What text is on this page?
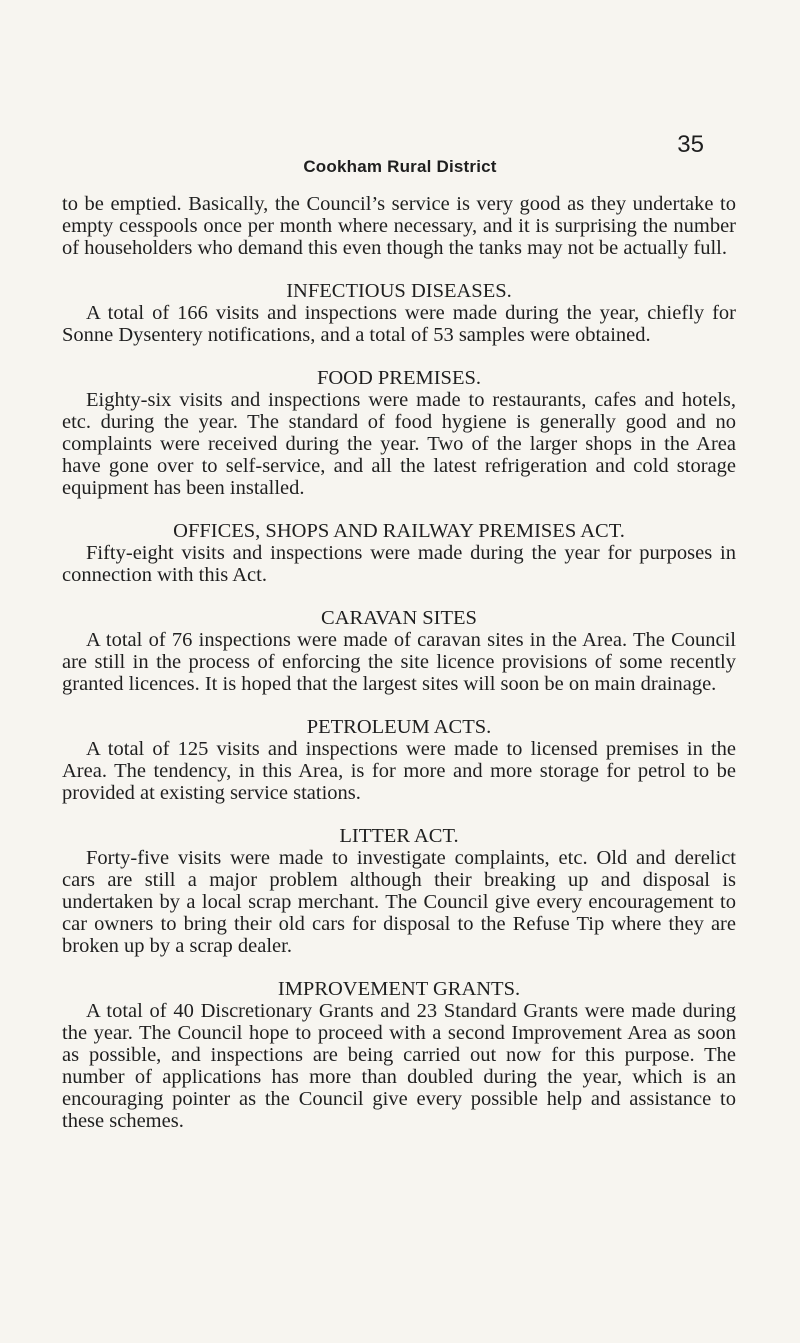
35
Cookham Rural District

to be emptied. Basically, the Council’s service is very good as they undertake to empty cesspools once per month where necessary, and it is surprising the number of householders who demand this even though the tanks may not be actually full.

INFECTIOUS DISEASES.

A total of 166 visits and inspections were made during the year, chiefly for Sonne Dysentery notifications, and a total of 53 samples were obtained.

FOOD PREMISES.

Eighty-six visits and inspections were made to restaurants, cafes and hotels, etc. during the year. The standard of food hygiene is generally good and no complaints were received during the year. Two of the larger shops in the Area have gone over to self-service, and all the latest refrigeration and cold storage equipment has been installed.

OFFICES, SHOPS AND RAILWAY PREMISES ACT.

Fifty-eight visits and inspections were made during the year for purposes in connection with this Act.

CARAVAN SITES

A total of 76 inspections were made of caravan sites in the Area. The Council are still in the process of enforcing the site licence provisions of some recently granted licences. It is hoped that the largest sites will soon be on main drainage.

PETROLEUM ACTS.

A total of 125 visits and inspections were made to licensed premises in the Area. The tendency, in this Area, is for more and more storage for petrol to be provided at existing service stations.

LITTER ACT.

Forty-five visits were made to investigate complaints, etc. Old and derelict cars are still a major problem although their breaking up and disposal is undertaken by a local scrap merchant. The Council give every encouragement to car owners to bring their old cars for disposal to the Refuse Tip where they are broken up by a scrap dealer.

IMPROVEMENT GRANTS.

A total of 40 Discretionary Grants and 23 Standard Grants were made during the year. The Council hope to proceed with a second Improvement Area as soon as possible, and inspections are being carried out now for this purpose. The number of applications has more than doubled during the year, which is an encouraging pointer as the Council give every possible help and assistance to these schemes.
